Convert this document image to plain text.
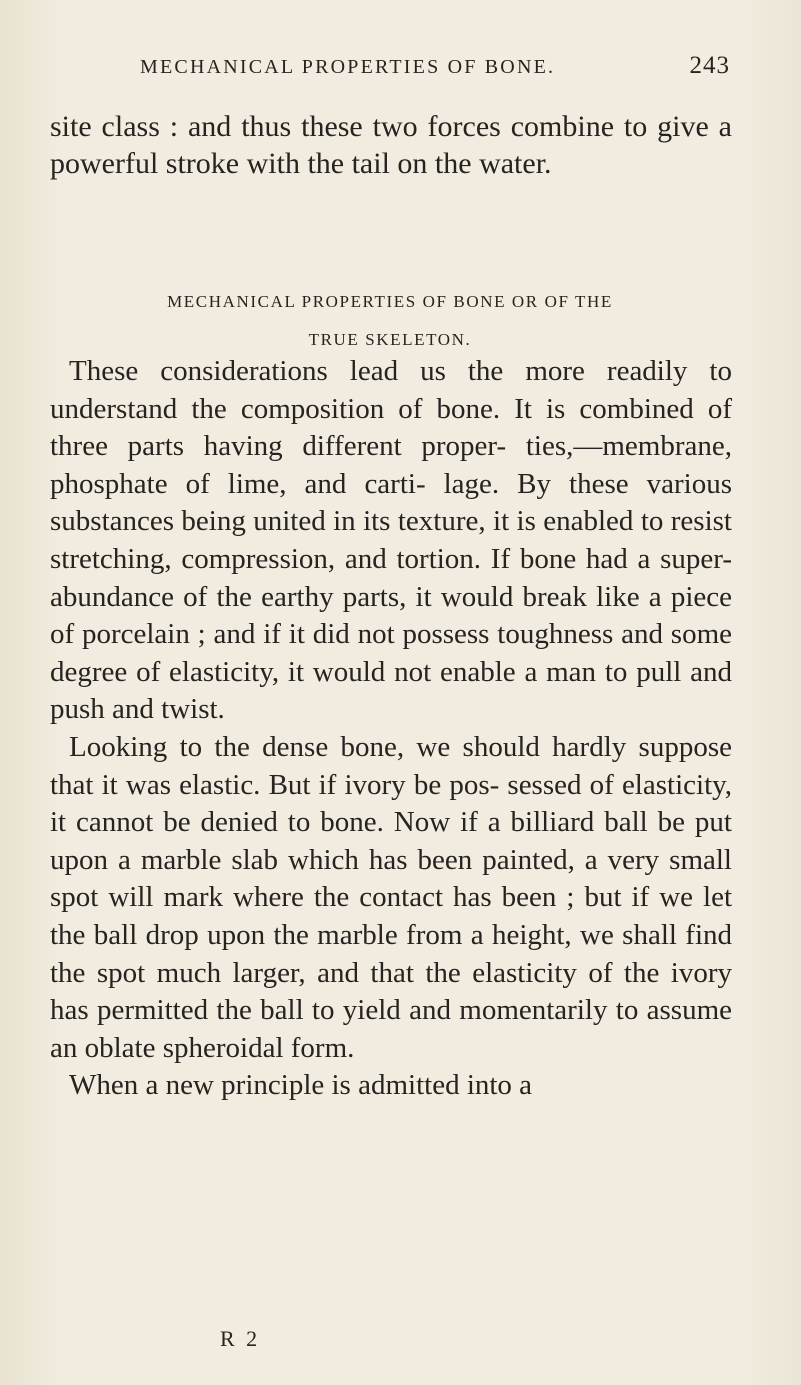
MECHANICAL PROPERTIES OF BONE.	243

site class : and thus these two forces combine to give a powerful stroke with the tail on the water.

MECHANICAL PROPERTIES OF BONE OR OF THE
TRUE SKELETON.

These considerations lead us the more readily to understand the composition of bone. It is combined of three parts having different proper- ties,—membrane, phosphate of lime, and carti- lage. By these various substances being united in its texture, it is enabled to resist stretching, compression, and tortion. If bone had a super- abundance of the earthy parts, it would break like a piece of porcelain ; and if it did not possess toughness and some degree of elasticity, it would not enable a man to pull and push and twist.

Looking to the dense bone, we should hardly suppose that it was elastic. But if ivory be pos- sessed of elasticity, it cannot be denied to bone. Now if a billiard ball be put upon a marble slab which has been painted, a very small spot will mark where the contact has been ; but if we let the ball drop upon the marble from a height, we shall find the spot much larger, and that the elasticity of the ivory has permitted the ball to yield and momentarily to assume an oblate spheroidal form.

When a new principle is admitted into a

R 2
